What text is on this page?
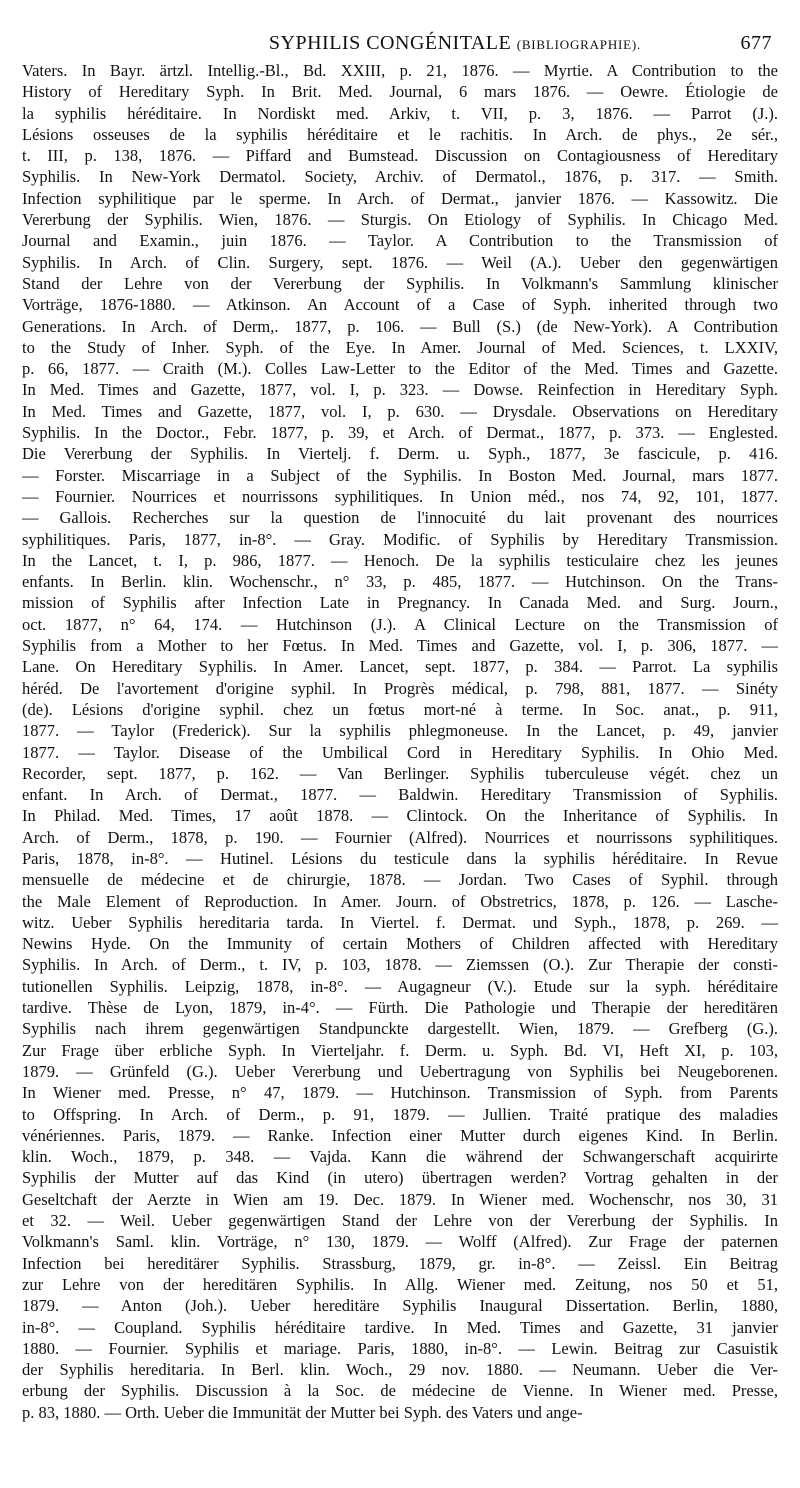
SYPHILIS CONGÉNITALE (BIBLIOGRAPHIE).	677
Vaters. In Bayr. ärtzl. Intellig.-Bl., Bd. XXIII, p. 21, 1876. — Myrtie. A Contribution to the
History of Hereditary Syph. In Brit. Med. Journal, 6 mars 1876. — Oewre. Étiologie de
la syphilis héréditaire. In Nordiskt med. Arkiv, t. VII, p. 3, 1876. — Parrot (J.).
Lésions osseuses de la syphilis héréditaire et le rachitis. In Arch. de phys., 2e sér.,
t. III, p. 138, 1876. — Piffard and Bumstead. Discussion on Contagiousness of Hereditary
Syphilis. In New-York Dermatol. Society, Archiv. of Dermatol., 1876, p. 317. — Smith.
Infection syphilitique par le sperme. In Arch. of Dermat., janvier 1876. — Kassowitz. Die
Vererbung der Syphilis. Wien, 1876. — Sturgis. On Etiology of Syphilis. In Chicago Med.
Journal and Examin., juin 1876. — Taylor. A Contribution to the Transmission of
Syphilis. In Arch. of Clin. Surgery, sept. 1876. — Weil (A.). Ueber den gegenwärtigen
Stand der Lehre von der Vererbung der Syphilis. In Volkmann's Sammlung klinischer
Vorträge, 1876-1880. — Atkinson. An Account of a Case of Syph. inherited through two
Generations. In Arch. of Derm,. 1877, p. 106. — Bull (S.) (de New-York). A Contribution
to the Study of Inher. Syph. of the Eye. In Amer. Journal of Med. Sciences, t. LXXIV,
p. 66, 1877. — Craith (M.). Colles Law-Letter to the Editor of the Med. Times and Gazette.
In Med. Times and Gazette, 1877, vol. I, p. 323. — Dowse. Reinfection in Hereditary Syph.
In Med. Times and Gazette, 1877, vol. I, p. 630. — Drysdale. Observations on Hereditary
Syphilis. In the Doctor., Febr. 1877, p. 39, et Arch. of Dermat., 1877, p. 373. — Englested.
Die Vererbung der Syphilis. In Viertelj. f. Derm. u. Syph., 1877, 3e fascicule, p. 416.
— Forster. Miscarriage in a Subject of the Syphilis. In Boston Med. Journal, mars 1877.
— Fournier. Nourrices et nourrissons syphilitiques. In Union méd., nos 74, 92, 101, 1877.
— Gallois. Recherches sur la question de l'innocuité du lait provenant des nourrices
syphilitiques. Paris, 1877, in-8°. — Gray. Modific. of Syphilis by Hereditary Transmission.
In the Lancet, t. I, p. 986, 1877. — Henoch. De la syphilis testiculaire chez les jeunes
enfants. In Berlin. klin. Wochenschr., n° 33, p. 485, 1877. — Hutchinson. On the Trans-
mission of Syphilis after Infection Late in Pregnancy. In Canada Med. and Surg. Journ.,
oct. 1877, n° 64, 174. — Hutchinson (J.). A Clinical Lecture on the Transmission of
Syphilis from a Mother to her Fœtus. In Med. Times and Gazette, vol. I, p. 306, 1877. —
Lane. On Hereditary Syphilis. In Amer. Lancet, sept. 1877, p. 384. — Parrot. La syphilis
héréd. De l'avortement d'origine syphil. In Progrès médical, p. 798, 881, 1877. — Sinéty
(de). Lésions d'origine syphil. chez un fœtus mort-né à terme. In Soc. anat., p. 911,
1877. — Taylor (Frederick). Sur la syphilis phlegmoneuse. In the Lancet, p. 49, janvier
1877. — Taylor. Disease of the Umbilical Cord in Hereditary Syphilis. In Ohio Med.
Recorder, sept. 1877, p. 162. — Van Berlinger. Syphilis tuberculeuse végét. chez un
enfant. In Arch. of Dermat., 1877. — Baldwin. Hereditary Transmission of Syphilis.
In Philad. Med. Times, 17 août 1878. — Clintock. On the Inheritance of Syphilis. In
Arch. of Derm., 1878, p. 190. — Fournier (Alfred). Nourrices et nourrissons syphilitiques.
Paris, 1878, in-8°. — Hutinel. Lésions du testicule dans la syphilis héréditaire. In Revue
mensuelle de médecine et de chirurgie, 1878. — Jordan. Two Cases of Syphil. through
the Male Element of Reproduction. In Amer. Journ. of Obstretrics, 1878, p. 126. — Lasche-
witz. Ueber Syphilis hereditaria tarda. In Viertel. f. Dermat. und Syph., 1878, p. 269. —
Newins Hyde. On the Immunity of certain Mothers of Children affected with Hereditary
Syphilis. In Arch. of Derm., t. IV, p. 103, 1878. — Ziemssen (O.). Zur Therapie der consti-
tutionellen Syphilis. Leipzig, 1878, in-8°. — Augagneur (V.). Etude sur la syph. héréditaire
tardive. Thèse de Lyon, 1879, in-4°. — Fürth. Die Pathologie und Therapie der hereditären
Syphilis nach ihrem gegenwärtigen Standpunckte dargestellt. Wien, 1879. — Grefberg (G.).
Zur Frage über erbliche Syph. In Vierteljahr. f. Derm. u. Syph. Bd. VI, Heft XI, p. 103,
1879. — Grünfeld (G.). Ueber Vererbung und Uebertragung von Syphilis bei Neugeborenen.
In Wiener med. Presse, n° 47, 1879. — Hutchinson. Transmission of Syph. from Parents
to Offspring. In Arch. of Derm., p. 91, 1879. — Jullien. Traité pratique des maladies
vénériennes. Paris, 1879. — Ranke. Infection einer Mutter durch eigenes Kind. In Berlin.
klin. Woch., 1879, p. 348. — Vajda. Kann die während der Schwangerschaft acquirirte
Syphilis der Mutter auf das Kind (in utero) übertragen werden? Vortrag gehalten in der
Geseltchaft der Aerzte in Wien am 19. Dec. 1879. In Wiener med. Wochenschr, nos 30, 31
et 32. — Weil. Ueber gegenwärtigen Stand der Lehre von der Vererbung der Syphilis. In
Volkmann's Saml. klin. Vorträge, n° 130, 1879. — Wolff (Alfred). Zur Frage der paternen
Infection bei hereditärer Syphilis. Strassburg, 1879, gr. in-8°. — Zeissl. Ein Beitrag
zur Lehre von der hereditären Syphilis. In Allg. Wiener med. Zeitung, nos 50 et 51,
1879. — Anton (Joh.). Ueber hereditäre Syphilis Inaugural Dissertation. Berlin, 1880,
in-8°. — Coupland. Syphilis héréditaire tardive. In Med. Times and Gazette, 31 janvier
1880. — Fournier. Syphilis et mariage. Paris, 1880, in-8°. — Lewin. Beitrag zur Casuistik
der Syphilis hereditaria. In Berl. klin. Woch., 29 nov. 1880. — Neumann. Ueber die Ver-
erbung der Syphilis. Discussion à la Soc. de médecine de Vienne. In Wiener med. Presse,
p. 83, 1880. — Orth. Ueber die Immunität der Mutter bei Syph. des Vaters und ange-
